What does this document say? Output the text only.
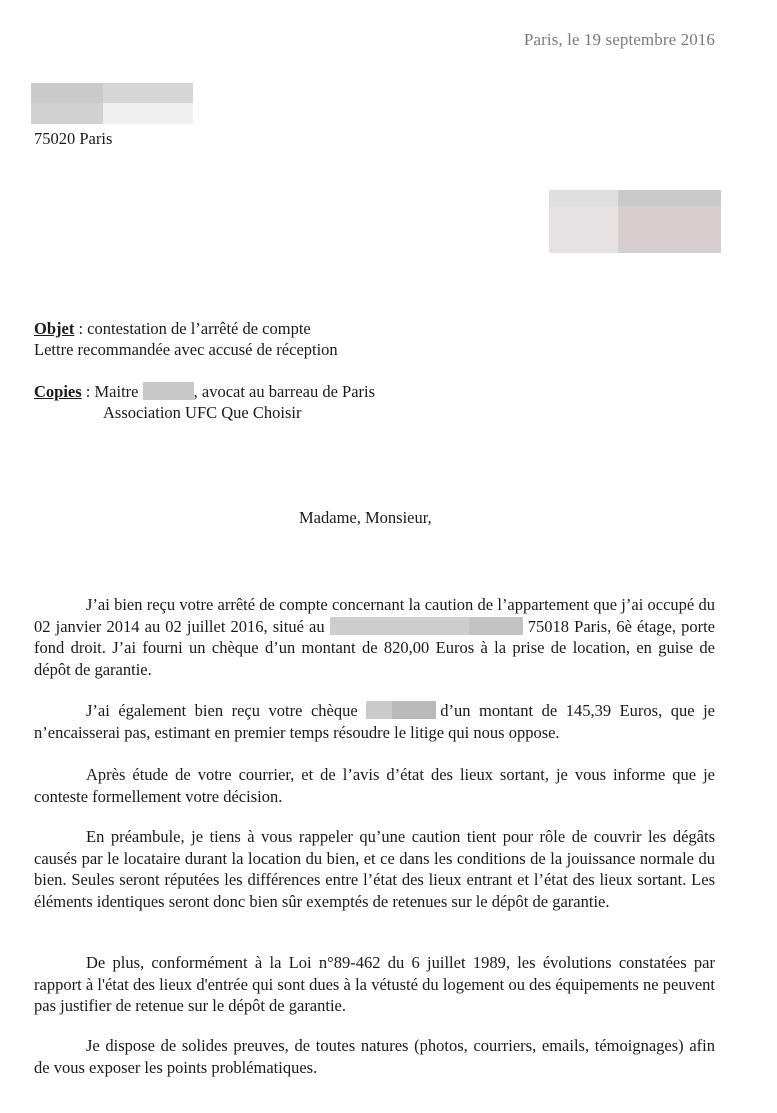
Paris, le 19 septembre 2016
75020 Paris
Objet : contestation de l’arrêté de compte
Lettre recommandée avec accusé de réception
Copies : Maitre	, avocat au barreau de Paris
Association UFC Que Choisir
Madame, Monsieur,
J’ai bien reçu votre arrêté de compte concernant la caution de l’appartement que j’ai occupé du 02 janvier 2014 au 02 juillet 2016, situé au	75018 Paris, 6è étage, porte fond droit. J’ai fourni un chèque d’un montant de 820,00 Euros à la prise de location, en guise de dépôt de garantie.
J’ai également bien reçu votre chèque	d’un montant de 145,39 Euros, que je n’encaisserai pas, estimant en premier temps résoudre le litige qui nous oppose.
Après étude de votre courrier, et de l’avis d’état des lieux sortant, je vous informe que je conteste formellement votre décision.
En préambule, je tiens à vous rappeler qu’une caution tient pour rôle de couvrir les dégâts causés par le locataire durant la location du bien, et ce dans les conditions de la jouissance normale du bien. Seules seront réputées les différences entre l’état des lieux entrant et l’état des lieux sortant. Les éléments identiques seront donc bien sûr exemptés de retenues sur le dépôt de garantie.
De plus, conformément à la Loi n°89-462 du 6 juillet 1989, les évolutions constatées par rapport à l'état des lieux d'entrée qui sont dues à la vétusté du logement ou des équipements ne peuvent pas justifier de retenue sur le dépôt de garantie.
Je dispose de solides preuves, de toutes natures (photos, courriers, emails, témoignages) afin de vous exposer les points problématiques.
